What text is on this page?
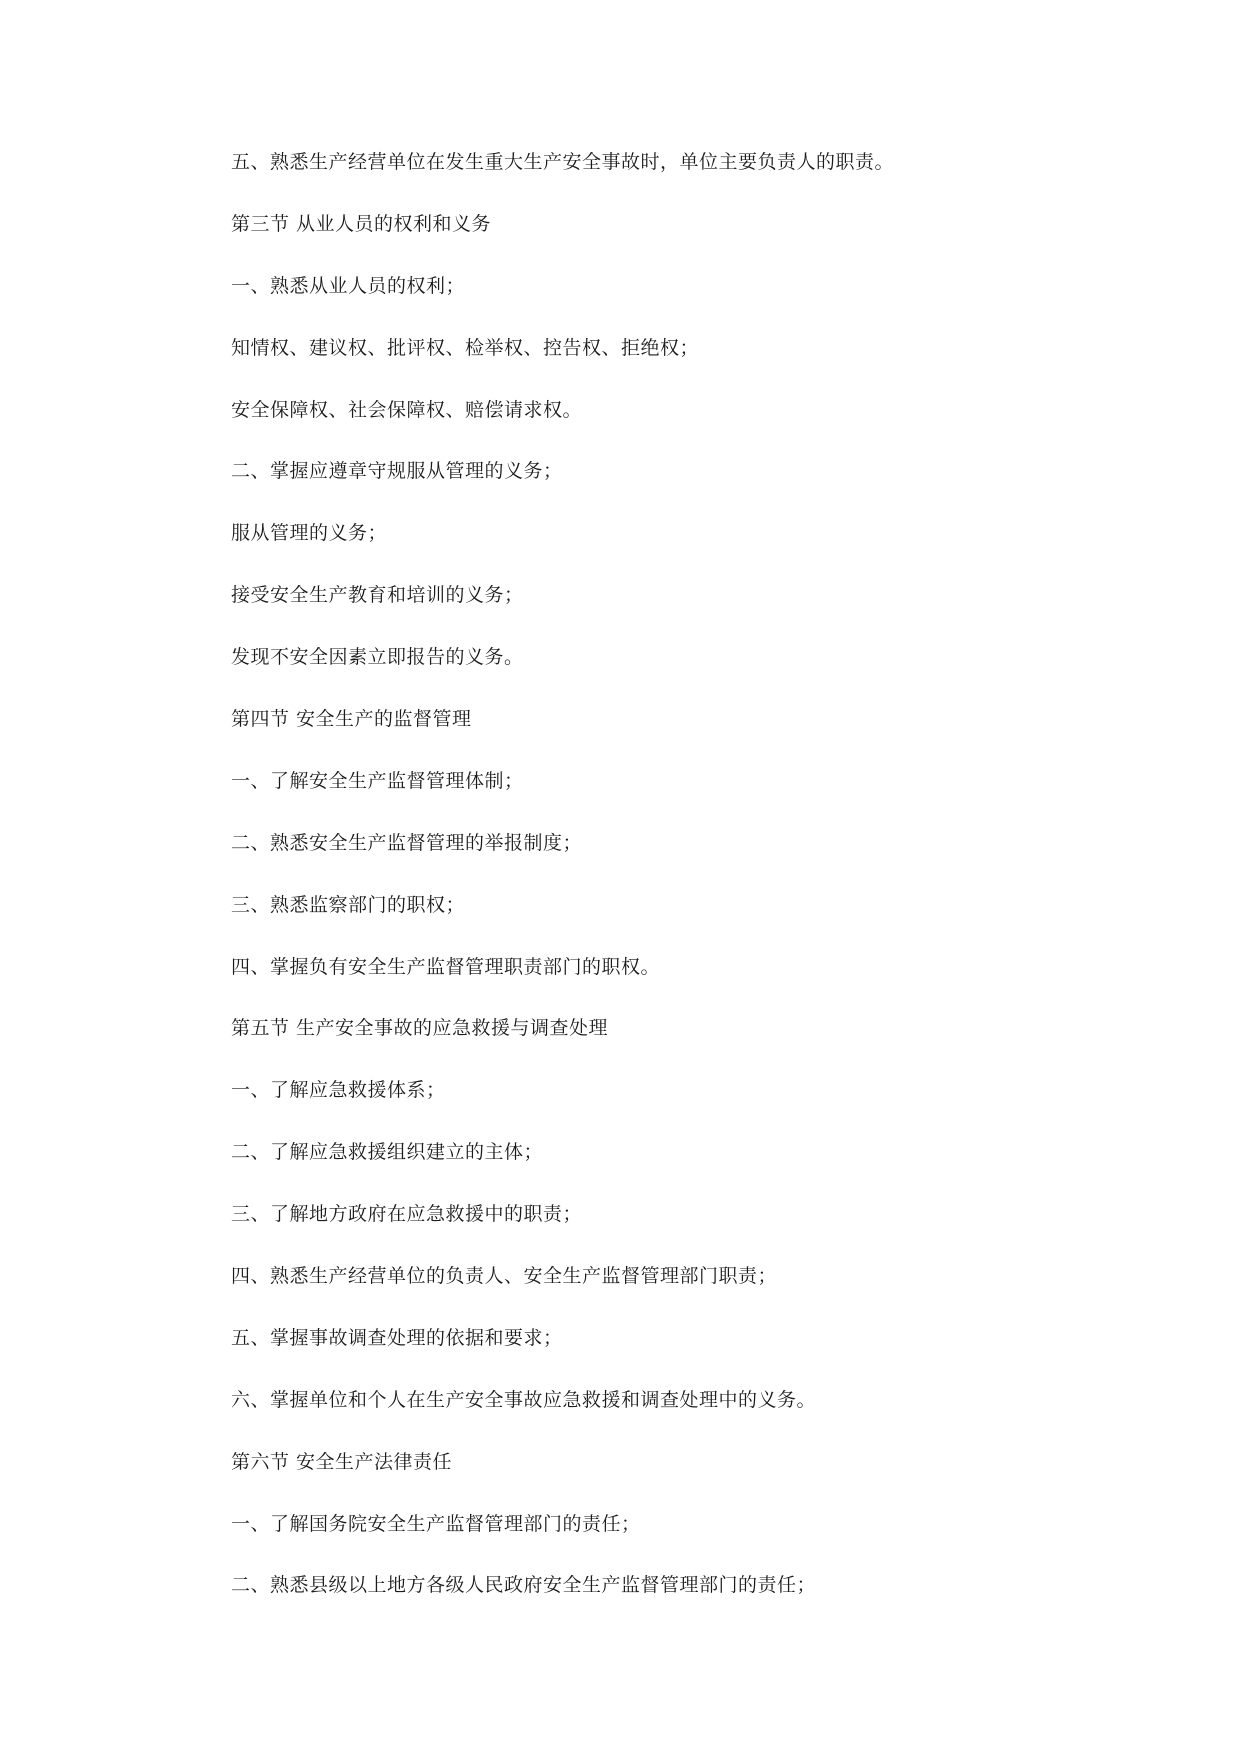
五、熟悉生产经营单位在发生重大生产安全事故时，单位主要负责人的职责。
第三节 从业人员的权利和义务
一、熟悉从业人员的权利；
知情权、建议权、批评权、检举权、控告权、拒绝权；
安全保障权、社会保障权、赔偿请求权。
二、掌握应遵章守规服从管理的义务；
服从管理的义务；
接受安全生产教育和培训的义务；
发现不安全因素立即报告的义务。
第四节 安全生产的监督管理
一、了解安全生产监督管理体制；
二、熟悉安全生产监督管理的举报制度；
三、熟悉监察部门的职权；
四、掌握负有安全生产监督管理职责部门的职权。
第五节 生产安全事故的应急救援与调查处理
一、了解应急救援体系；
二、了解应急救援组织建立的主体；
三、了解地方政府在应急救援中的职责；
四、熟悉生产经营单位的负责人、安全生产监督管理部门职责；
五、掌握事故调查处理的依据和要求；
六、掌握单位和个人在生产安全事故应急救援和调查处理中的义务。
第六节 安全生产法律责任
一、了解国务院安全生产监督管理部门的责任；
二、熟悉县级以上地方各级人民政府安全生产监督管理部门的责任；
